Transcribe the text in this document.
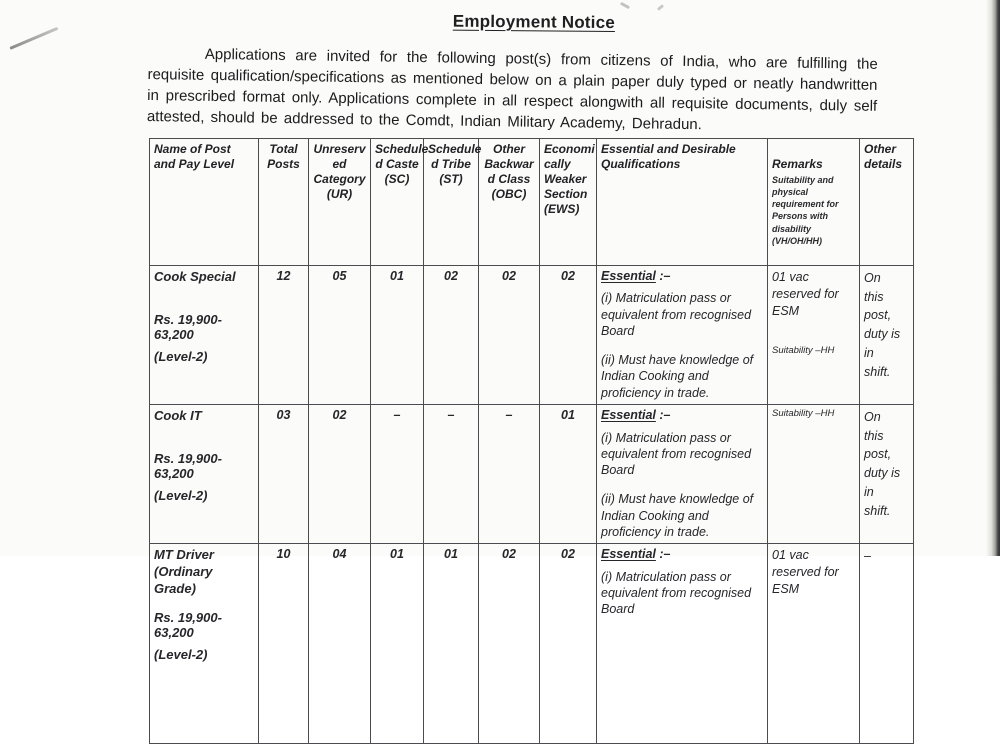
Employment Notice
Applications are invited for the following post(s) from citizens of India, who are fulfilling the requisite qualification/specifications as mentioned below on a plain paper duly typed or neatly handwritten in prescribed format only. Applications complete in all respect alongwith all requisite documents, duly self attested, should be addressed to the Comdt, Indian Military Academy, Dehradun.
Name of Post
and Pay Level	Total
Posts	Unreserv
ed
Category
(UR)	Schedule
d Caste
(SC)	Schedule
d Tribe
(ST)	Other
Backwar
d Class
(OBC)	Economi
cally
Weaker
Section
(EWS)	Essential and Desirable
Qualifications	Remarks

Suitability and
physical
requirement for
Persons with
disability
(VH/OH/HH)

	Other
details

Cook Special
Rs. 19,900-63,200
(Level-2)
	12	05	01	02	02	02	Essential :–
(i) Matriculation pass or
equivalent from recognised
Board
(ii) Must have knowledge of
Indian Cooking and
proficiency in trade.

01 vac
reserved for
ESM
Suitability –HH

On
this
post,
duty is
in
shift.

Cook IT
Rs. 19,900-63,200
(Level-2)
	03	02	–	–	–	01	Essential :–
(i) Matriculation pass or
equivalent from recognised
Board
(ii) Must have knowledge of
Indian Cooking and
proficiency in trade.

Suitability –HH	On
this
post,
duty is
in
shift.

MT Driver
(Ordinary Grade)
Rs. 19,900-63,200
(Level-2)
	10	04	01	01	02	02	Essential :–
(i) Matriculation pass or
equivalent from recognised
Board

01 vac
reserved for
ESM

–
